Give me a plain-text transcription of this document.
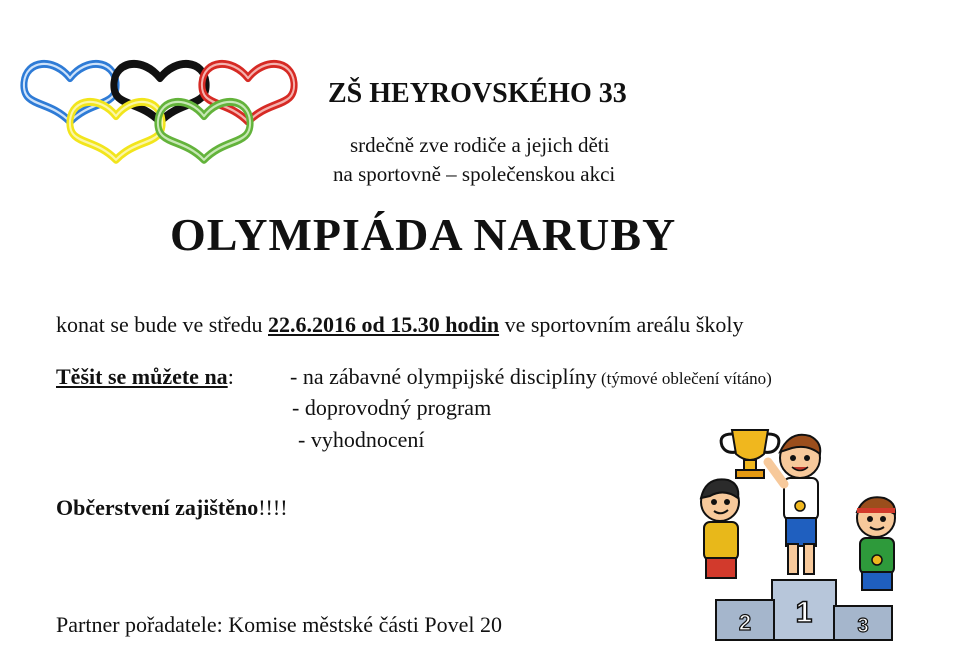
ZŠ HEYROVSKÉHO 33
srdečně zve rodiče a jejich děti
na sportovně – společenskou akci
OLYMPIÁDA NARUBY
konat se bude ve středu 22.6.2016 od 15.30 hodin ve sportovním areálu školy
Těšit se můžete na:	- na zábavné olympijské disciplíny (týmové oblečení vítáno)
- doprovodný program
- vyhodnocení
Občerstvení zajištěno!!!!
Partner pořadatele: Komise městské části Povel 20	1
2	3
